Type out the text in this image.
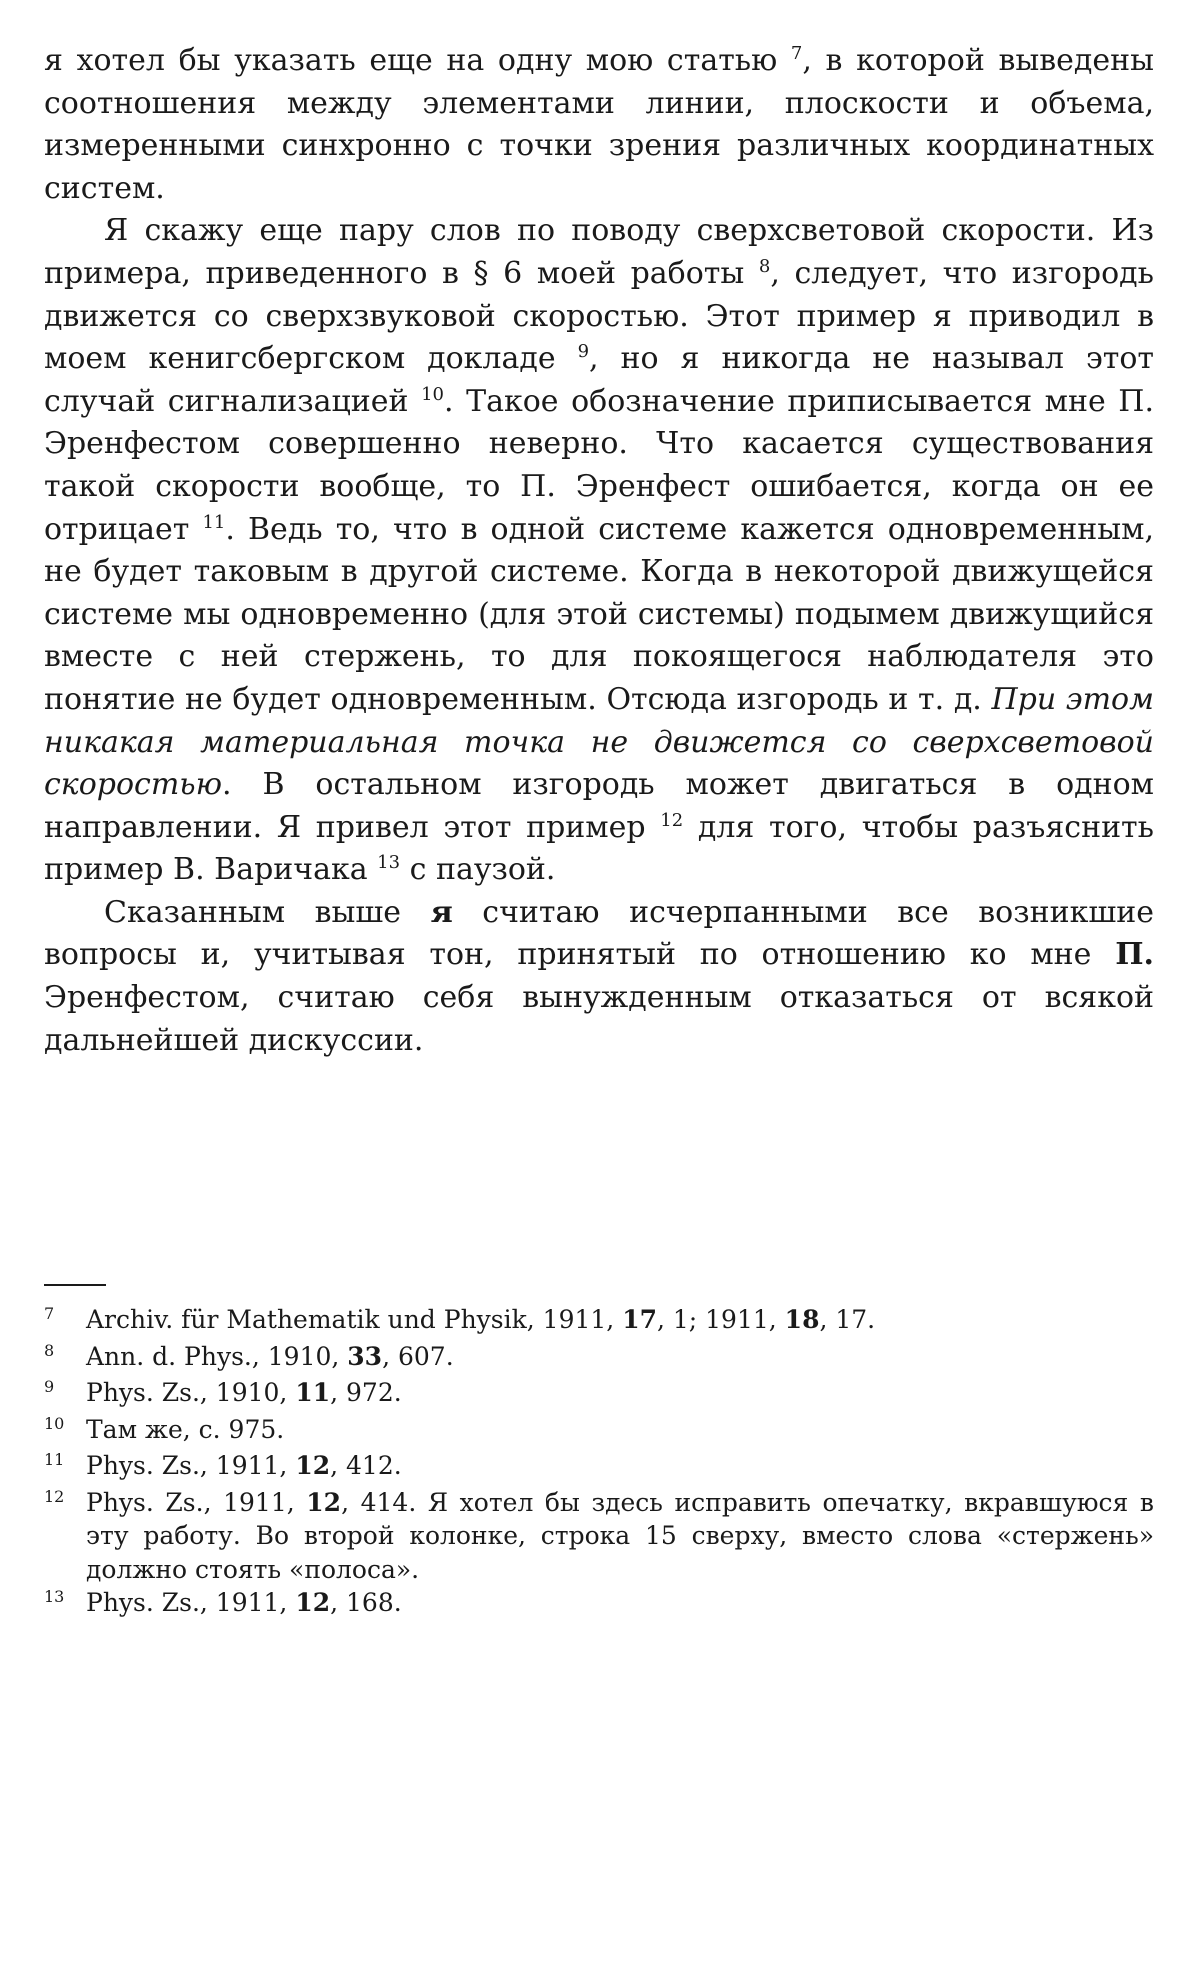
я хотел бы указать еще на одну мою статью $^7$, в которой выведены соотношения между элементами линии, плоскости и объема, измеренными синхронно с точки зрения различных координатных систем.

Я скажу еще пару слов по поводу сверхсветовой скорости. Из примера, приведенного в § 6 моей работы $^8$, следует, что изгородь движется со сверхзвуковой скоростью. Этот пример я приводил в моем кенигсбергском докладе $^9$, но я никогда не называл этот случай сигнализацией $^{10}$. Такое обозначение приписывается мне П. Эренфестом совершенно неверно. Что касается существования такой скорости вообще, то П. Эренфест ошибается, когда он ее отрицает $^{11}$. Ведь то, что в одной системе кажется одновременным, не будет таковым в другой системе. Когда в некоторой движущейся системе мы одновременно (для этой системы) подымем движущийся вместе с ней стержень, то для покоящегося наблюдателя это понятие не будет одновременным. Отсюда изгородь и т. д. При этом никакая материальная точка не движется со сверхсветовой скоростью. В остальном изгородь может двигаться в одном направлении. Я привел этот пример $^{12}$ для того, чтобы разъяснить пример В. Варичака $^{13}$ с паузой.

Сказанным выше я считаю исчерпанными все возникшие вопросы и, учитывая тон, принятый по отношению ко мне П. Эренфестом, считаю себя вынужденным отказаться от всякой дальнейшей дискуссии.

7	Archiv. für Mathematik und Physik, 1911, 17, 1; 1911, 18, 17.
8	Ann. d. Phys., 1910, 33, 607.
9	Phys. Zs., 1910, 11, 972.
10 Там же, с. 975.
11 Phys. Zs., 1911, 12, 412.
12 Phys. Zs., 1911, 12, 414. Я хотел бы здесь исправить опечатку, вкравшуюся в эту работу. Во второй колонке, строка 15 сверху, вместо слова «стержень» должно стоять «полоса».
13 Phys. Zs., 1911, 12, 168.
